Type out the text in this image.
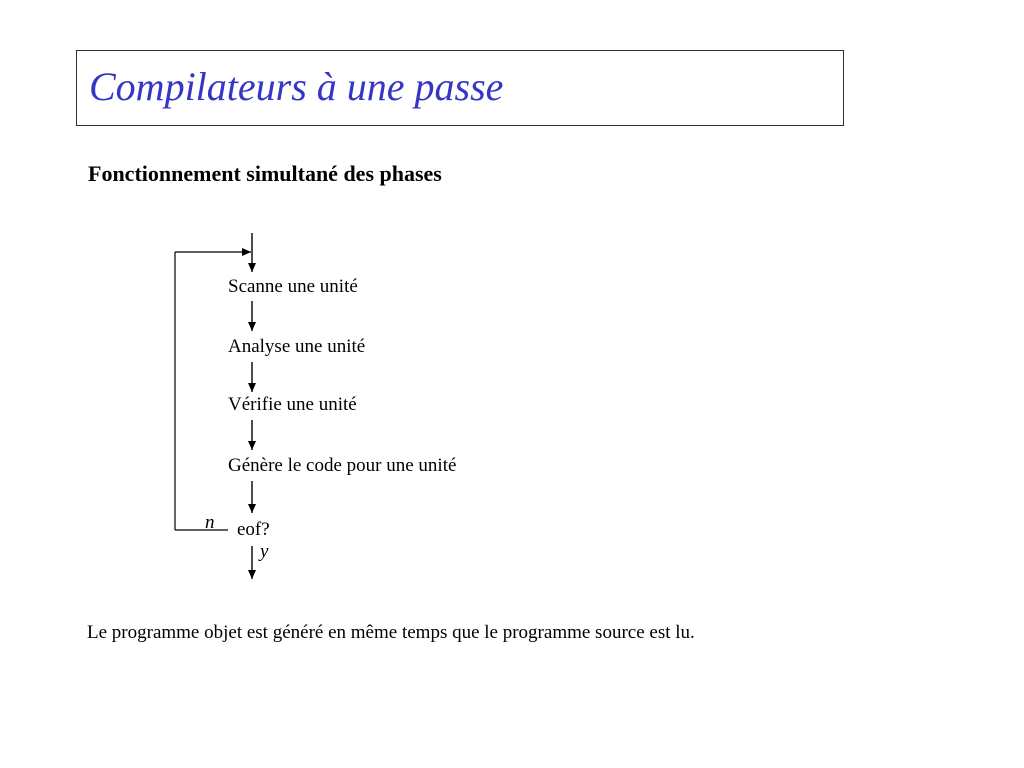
Compilateurs à une passe
Fonctionnement simultané des phases
Scanne une unité
Analyse une unité
Vérifie une unité
Génère le code pour une unité
eof?
n
y
Le programme objet est généré en même temps que le programme source est lu.
